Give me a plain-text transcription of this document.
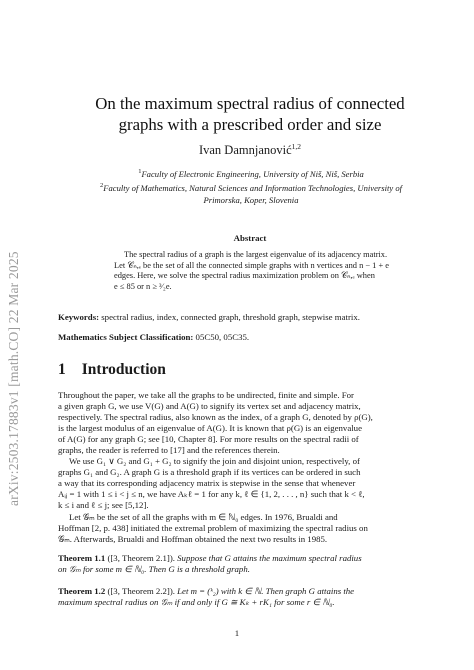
arXiv:2503.17883v1 [math.CO] 22 Mar 2025
On the maximum spectral radius of connected
graphs with a prescribed order and size
Ivan Damnjanović$^{1,2}$
$^1$Faculty of Electronic Engineering, University of Niš, Niš, Serbia
$^2$Faculty of Mathematics, Natural Sciences and Information Technologies, University of
Primorska, Koper, Slovenia
Abstract
The spectral radius of a graph is the largest eigenvalue of its adjacency matrix.
Let 𝒞ₙ,ₑ be the set of all the connected simple graphs with n vertices and n − 1 + e
edges. Here, we solve the spectral radius maximization problem on 𝒞ₙ,ₑ when
e ≤ 85 or n ≥ ³⁄₂e.
Keywords: spectral radius, index, connected graph, threshold graph, stepwise matrix.
Mathematics Subject Classification: 05C50, 05C35.
1 Introduction
Throughout the paper, we take all the graphs to be undirected, finite and simple. For
a given graph G, we use V(G) and A(G) to signify its vertex set and adjacency matrix,
respectively. The spectral radius, also known as the index, of a graph G, denoted by ρ(G),
is the largest modulus of an eigenvalue of A(G). It is known that ρ(G) is an eigenvalue
of A(G) for any graph G; see [10, Chapter 8]. For more results on the spectral radii of
graphs, the reader is referred to [17] and the references therein.
We use G₁ ∨ G₂ and G₁ + G₂ to signify the join and disjoint union, respectively, of
graphs G₁ and G₂. A graph G is a threshold graph if its vertices can be ordered in such
a way that its corresponding adjacency matrix is stepwise in the sense that whenever
Aᵢⱼ = 1 with 1 ≤ i < j ≤ n, we have Aₖℓ = 1 for any k, ℓ ∈ {1, 2, . . . , n} such that k < ℓ,
k ≤ i and ℓ ≤ j; see [5,12].
Let 𝒢ₘ be the set of all the graphs with m ∈ ℕ₀ edges. In 1976, Brualdi and
Hoffman [2, p. 438] initiated the extremal problem of maximizing the spectral radius on
𝒢ₘ. Afterwards, Brualdi and Hoffman obtained the next two results in 1985.
Theorem 1.1 ([3, Theorem 2.1]). Suppose that G attains the maximum spectral radius
on 𝒢ₘ for some m ∈ ℕ₀. Then G is a threshold graph.
Theorem 1.2 ([3, Theorem 2.2]). Let m = (ᵏ₂) with k ∈ ℕ. Then graph G attains the
maximum spectral radius on 𝒢ₘ if and only if G ≅ Kₖ + rK₁ for some r ∈ ℕ₀.
1
